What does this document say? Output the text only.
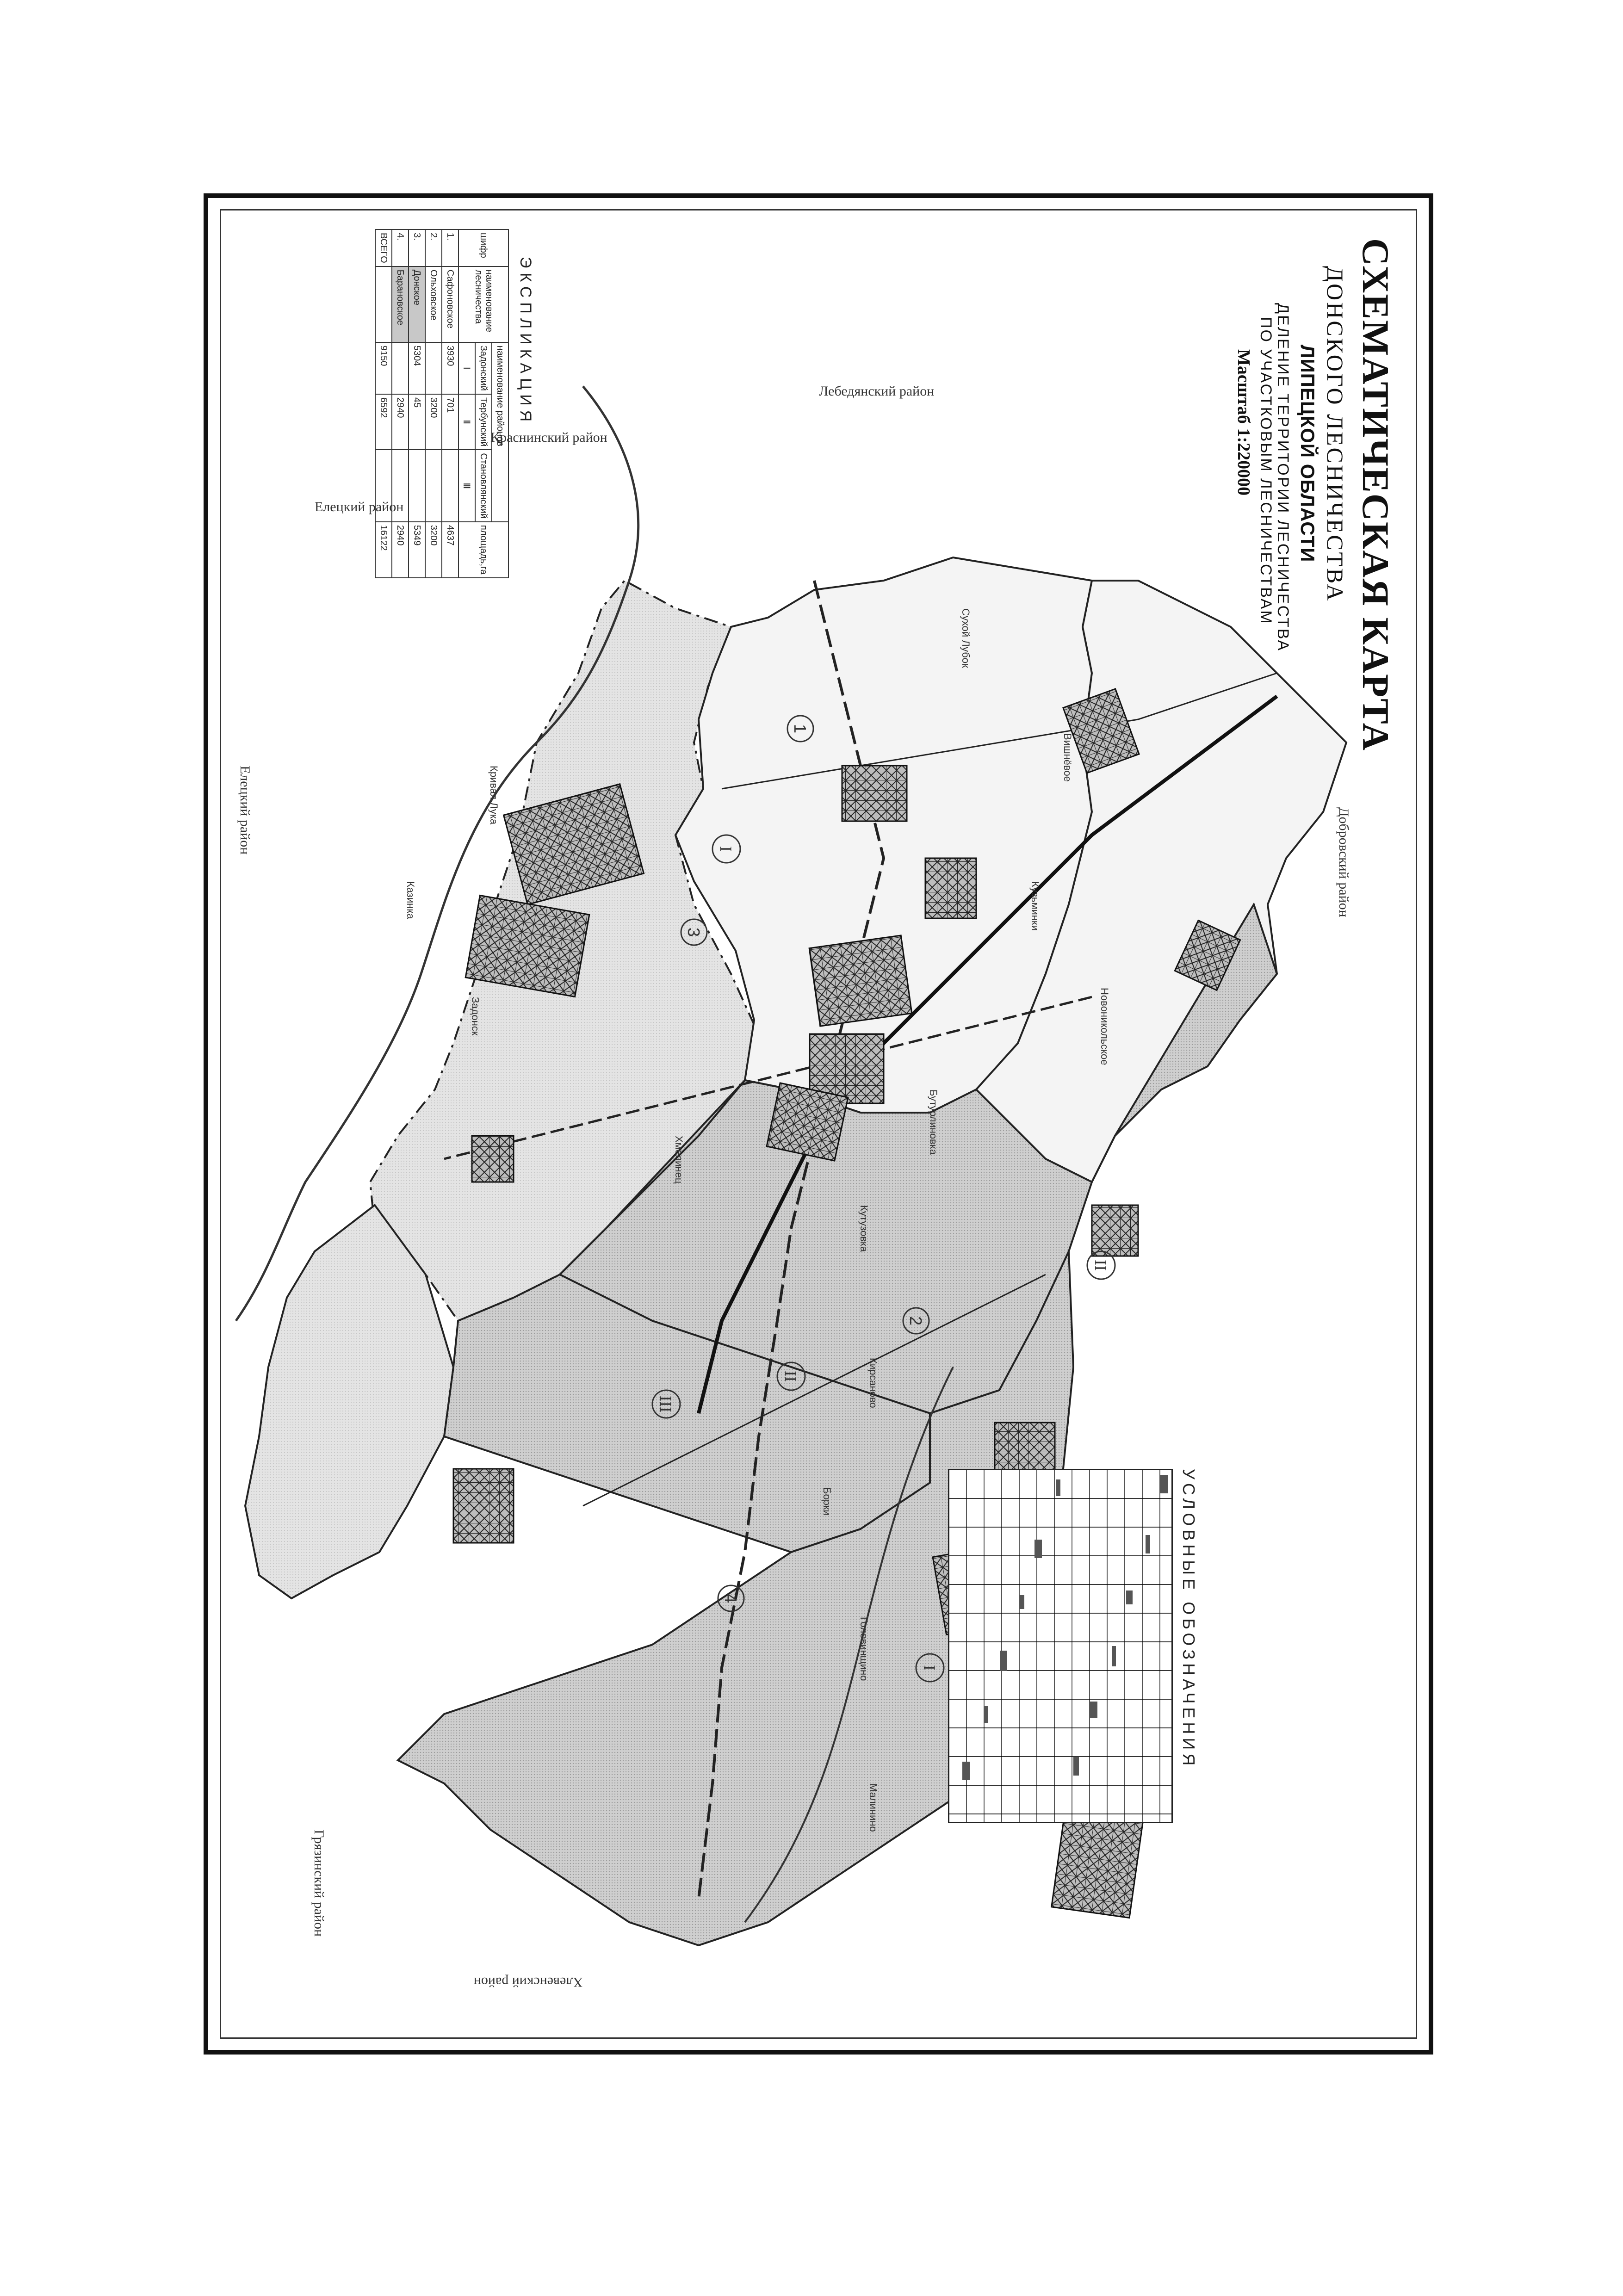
Добровский район
Лебедянский район
Краснинский район
Елецкий район
Елецкий район
Грязинский район
Хлевенский район
1
2
3
4
I
II
III
I
II
Сухой Лубок
Вишнёвое
Кузьминки
Новоникольское
Бутурлиновка
Кутузовка
Кирсаново
Борки
Головинщино
Малинино
Казинка
Кривая Лука
Задонск
Хмелинец
СХЕМАТИЧЕСКАЯ КАРТА
ДОНСКОГО ЛЕСНИЧЕСТВА
ЛИПЕЦКОЙ ОБЛАСТИ
ДЕЛЕНИЕ ТЕРРИТОРИИ ЛЕСНИЧЕСТВА
ПО УЧАСТКОВЫМ ЛЕСНИЧЕСТВАМ
Масштаб 1:220000
УСЛОВНЫЕ ОБОЗНАЧЕНИЯ
ЭКСПЛИКАЦИЯ
шифр	наименование лесничества	наименование районов			площадь,га
		Задонский	Тербунский	Становлянский	
		Ⅰ	Ⅱ	Ⅲ	
1.	Сафоновское	3930	701		4637
2.	Ольховское		3200		3200
3.	Донское	5304	45		5349
4.	Барановское		2940		2940
ВСЕГО		9150	6592		16122
